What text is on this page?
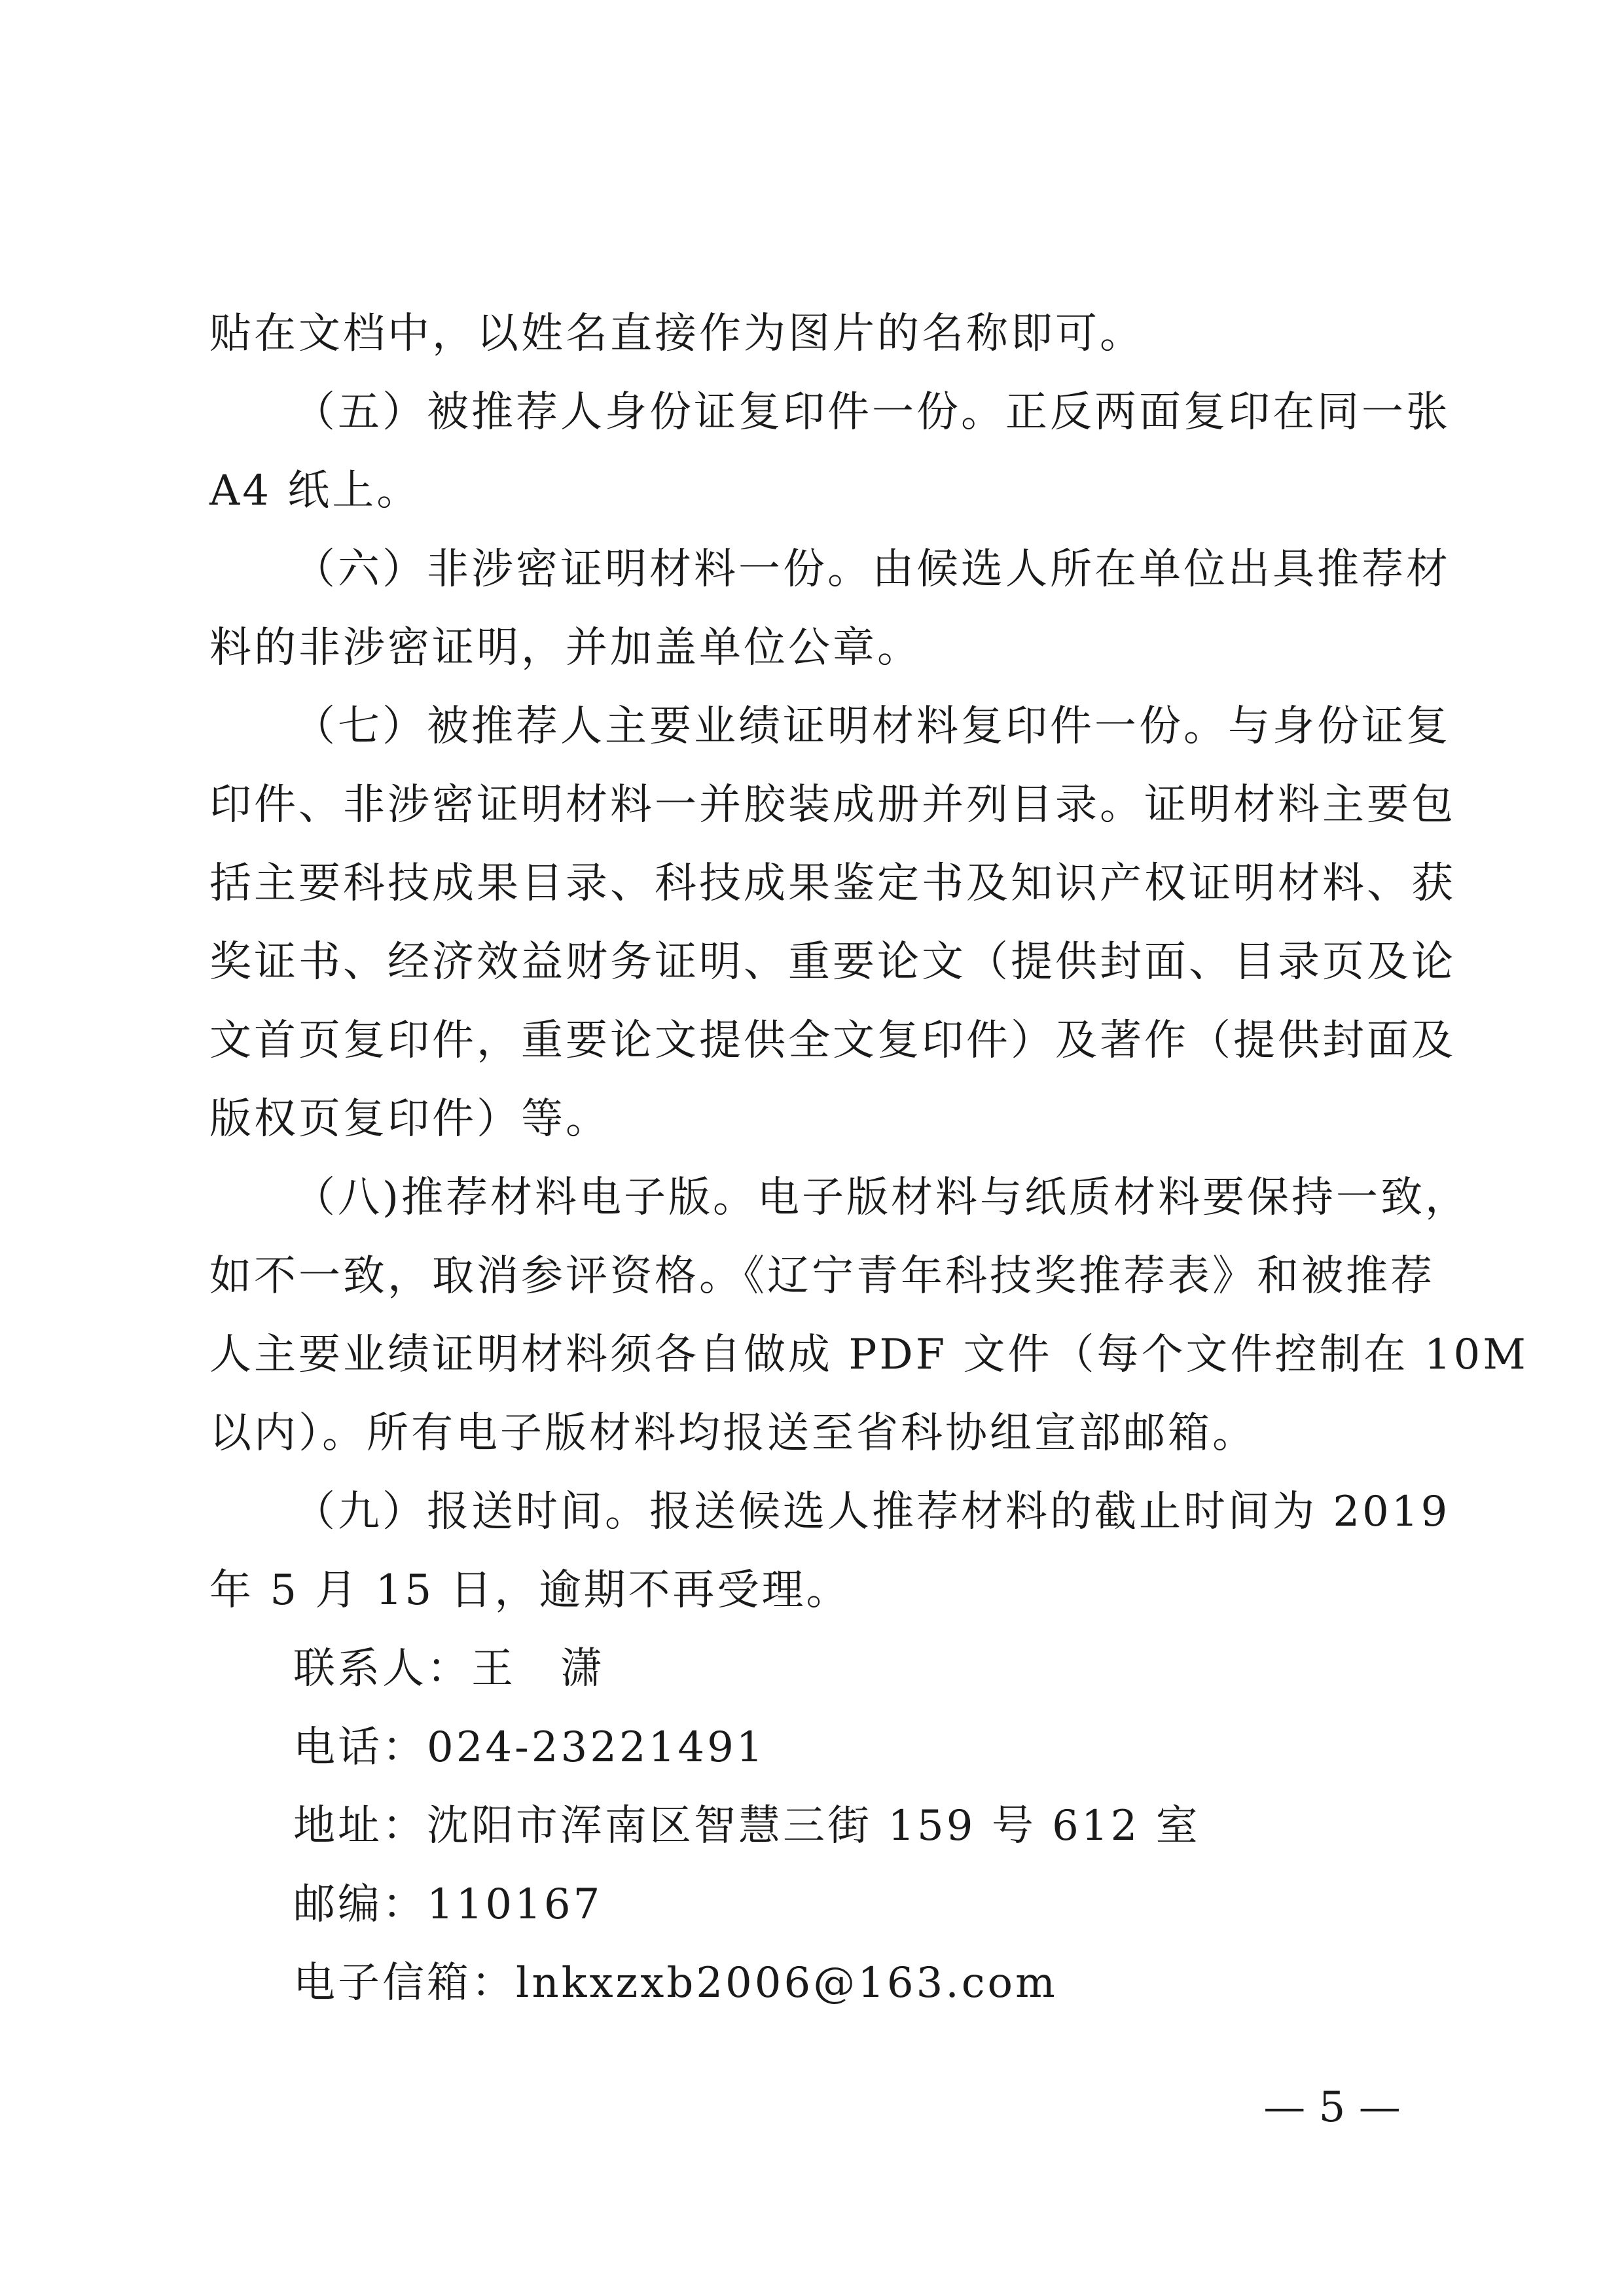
贴在文档中，以姓名直接作为图片的名称即可。
（五）被推荐人身份证复印件一份。正反两面复印在同一张
A4 纸上。
（六）非涉密证明材料一份。由候选人所在单位出具推荐材
料的非涉密证明，并加盖单位公章。
（七）被推荐人主要业绩证明材料复印件一份。与身份证复
印件、非涉密证明材料一并胶装成册并列目录。证明材料主要包
括主要科技成果目录、科技成果鉴定书及知识产权证明材料、获
奖证书、经济效益财务证明、重要论文（提供封面、目录页及论
文首页复印件，重要论文提供全文复印件）及著作（提供封面及
版权页复印件）等。
（八)推荐材料电子版。电子版材料与纸质材料要保持一致，
如不一致，取消参评资格。《辽宁青年科技奖推荐表》和被推荐
人主要业绩证明材料须各自做成 PDF 文件（每个文件控制在 10M
以内）。所有电子版材料均报送至省科协组宣部邮箱。
（九）报送时间。报送候选人推荐材料的截止时间为 2019
年 5 月 15 日，逾期不再受理。
联系人：王　潇
电话：024-23221491
地址：沈阳市浑南区智慧三街 159 号 612 室
邮编：110167
电子信箱：lnkxzxb2006@163.com
— 5 —
